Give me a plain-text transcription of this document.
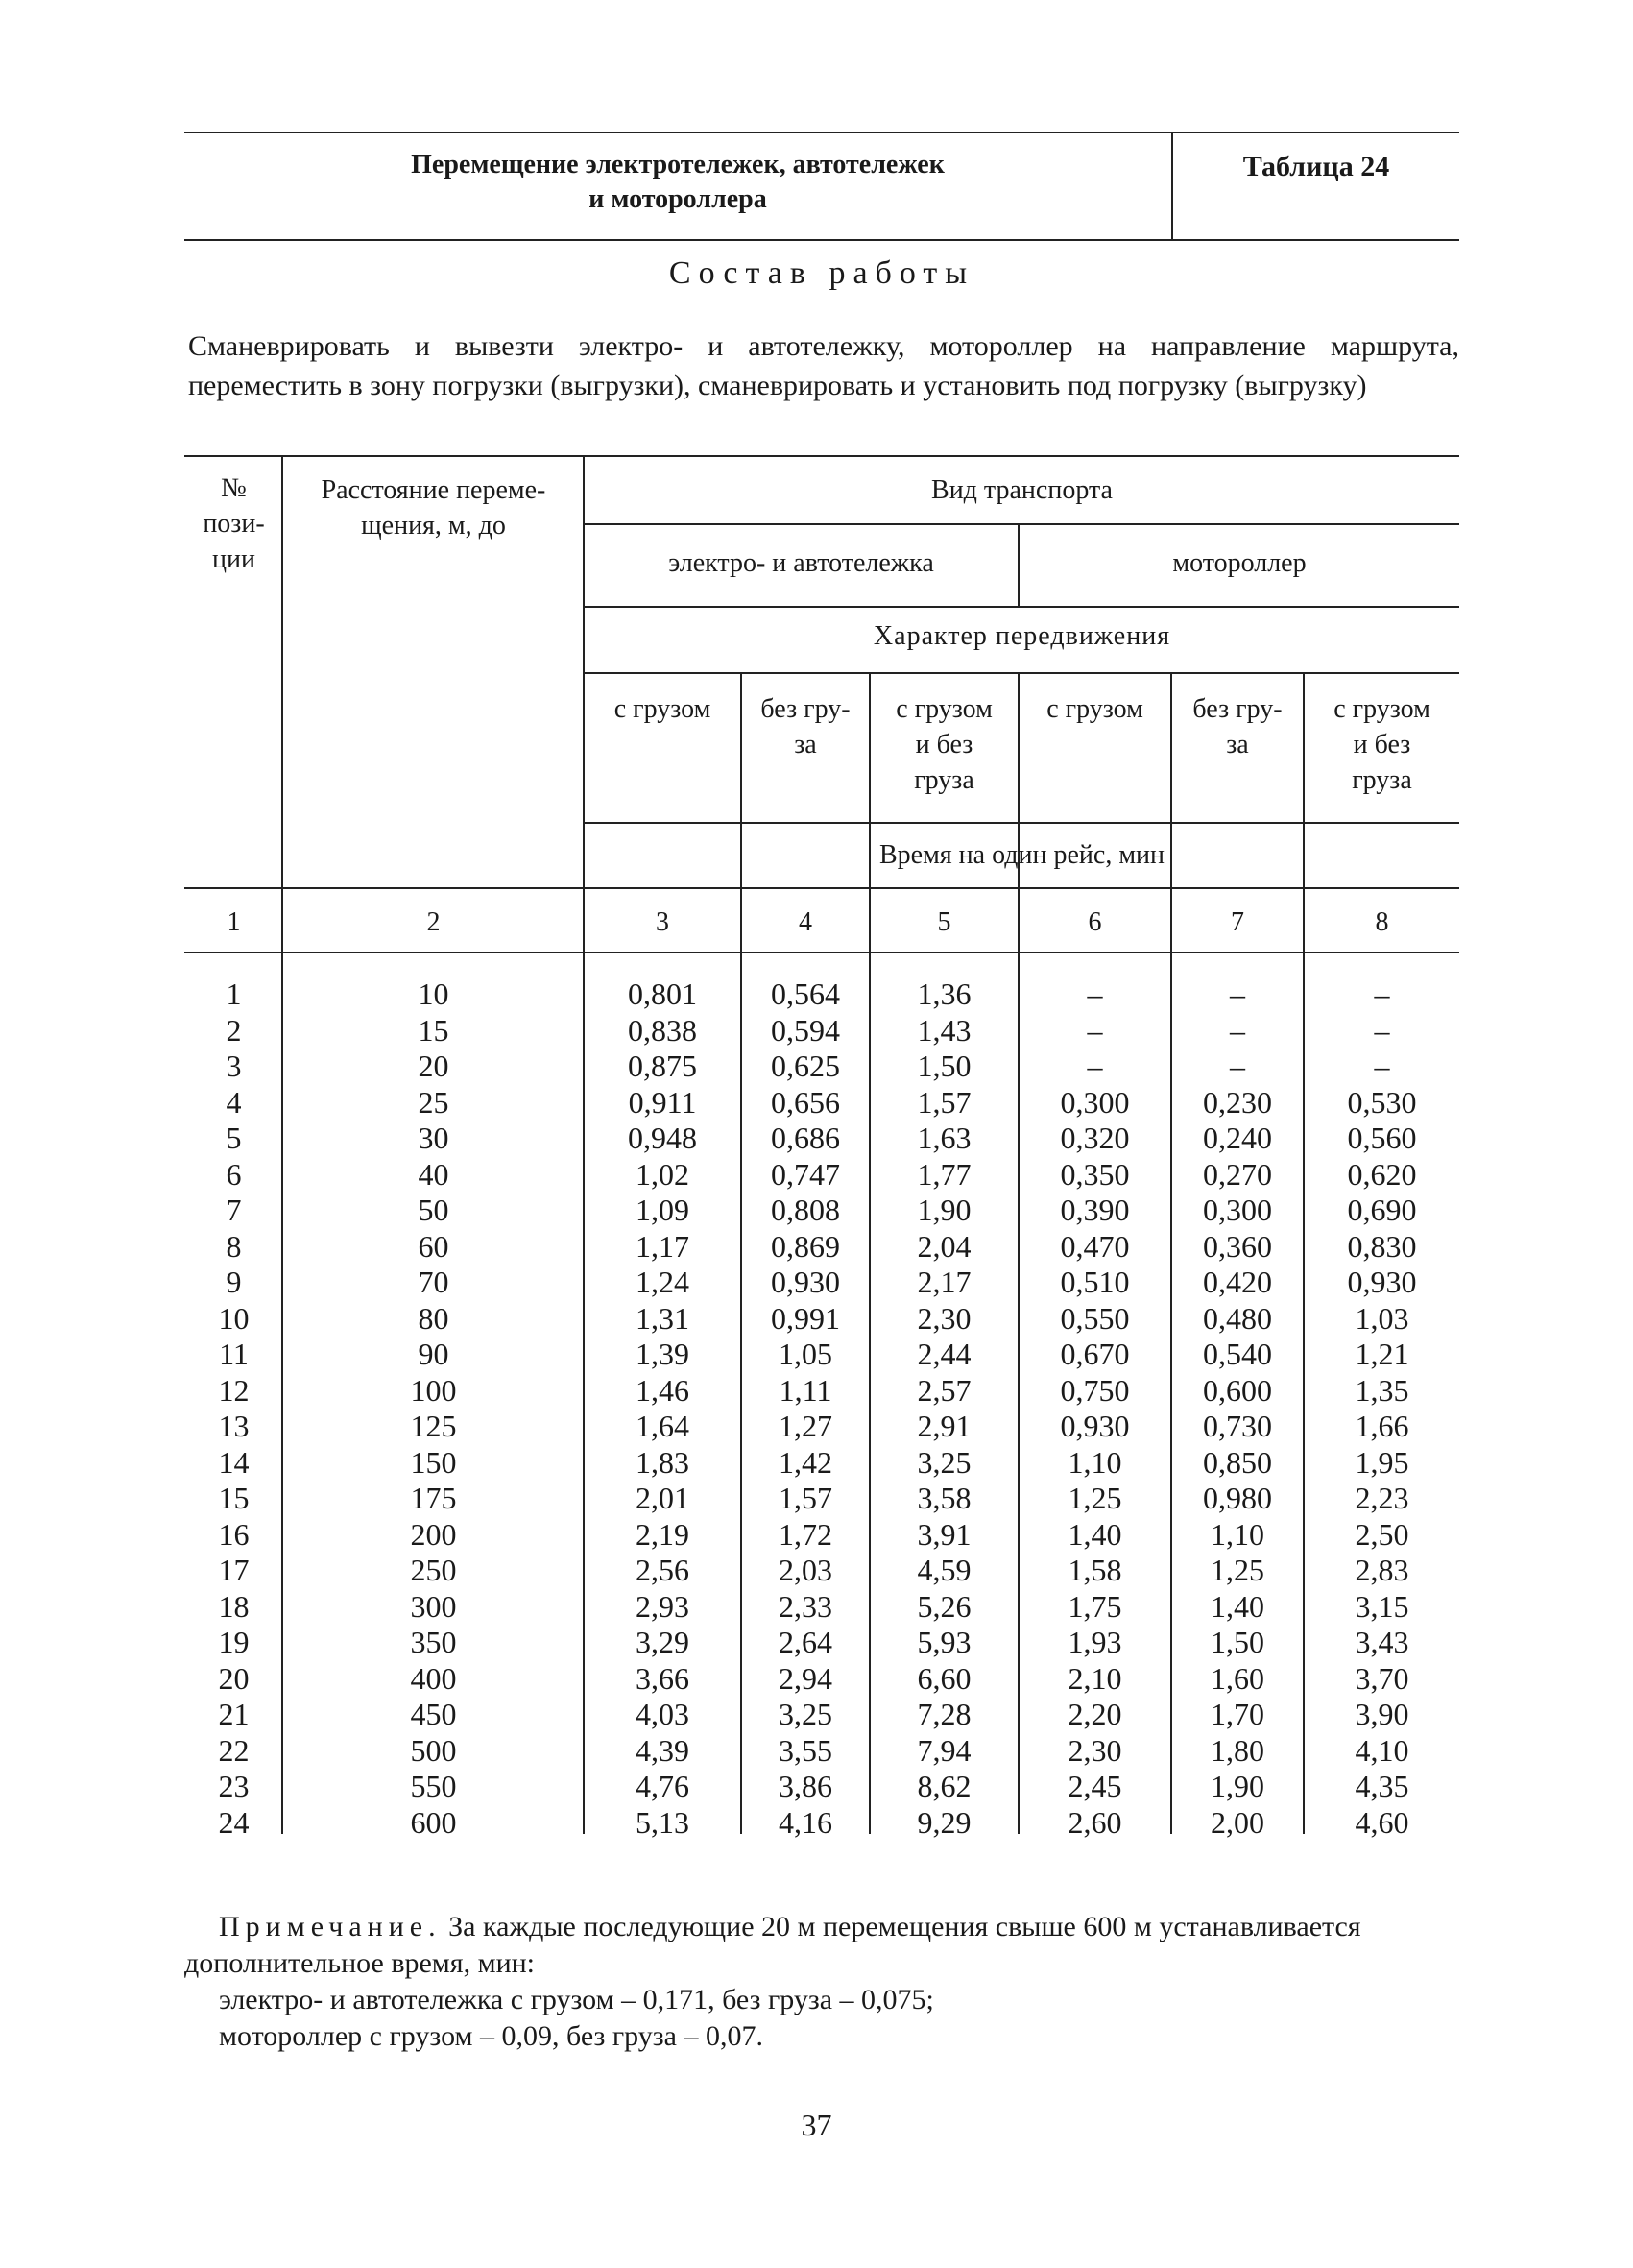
Перемещение электротележек, автотележек
и мотороллера
Таблица 24
Состав работы
Сманеврировать и вывезти электро- и автотележку, мотороллер на направление маршрута, переместить в зону погрузки (выгрузки), сманеврировать и установить под погрузку (выгрузку)
№
пози-
ции
Расстояние переме-
щения, м, до
Вид транспорта
электро- и автотележка	мотороллер
Характер передвижения
с грузом	без гру-
за
с грузом
и без
груза
с грузом	без гру-
за
с грузом
и без
груза
Время на один рейс, мин
1	2	3	4	5	6	7	8
1	10	0,801	0,564	1,36	–	–	–
2	15	0,838	0,594	1,43	–	–	–
3	20	0,875	0,625	1,50	–	–	–
4	25	0,911	0,656	1,57	0,300	0,230	0,530
5	30	0,948	0,686	1,63	0,320	0,240	0,560
6	40	1,02	0,747	1,77	0,350	0,270	0,620
7	50	1,09	0,808	1,90	0,390	0,300	0,690
8	60	1,17	0,869	2,04	0,470	0,360	0,830
9	70	1,24	0,930	2,17	0,510	0,420	0,930
10	80	1,31	0,991	2,30	0,550	0,480	1,03
11	90	1,39	1,05	2,44	0,670	0,540	1,21
12	100	1,46	1,11	2,57	0,750	0,600	1,35
13	125	1,64	1,27	2,91	0,930	0,730	1,66
14	150	1,83	1,42	3,25	1,10	0,850	1,95
15	175	2,01	1,57	3,58	1,25	0,980	2,23
16	200	2,19	1,72	3,91	1,40	1,10	2,50
17	250	2,56	2,03	4,59	1,58	1,25	2,83
18	300	2,93	2,33	5,26	1,75	1,40	3,15
19	350	3,29	2,64	5,93	1,93	1,50	3,43
20	400	3,66	2,94	6,60	2,10	1,60	3,70
21	450	4,03	3,25	7,28	2,20	1,70	3,90
22	500	4,39	3,55	7,94	2,30	1,80	4,10
23	550	4,76	3,86	8,62	2,45	1,90	4,35
24	600	5,13	4,16	9,29	2,60	2,00	4,60
Примечание. За каждые последующие 20 м перемещения свыше 600 м устанавливается дополнительное время, мин:
электро- и автотележка с грузом – 0,171, без груза – 0,075;
мотороллер с грузом – 0,09, без груза – 0,07.
37
